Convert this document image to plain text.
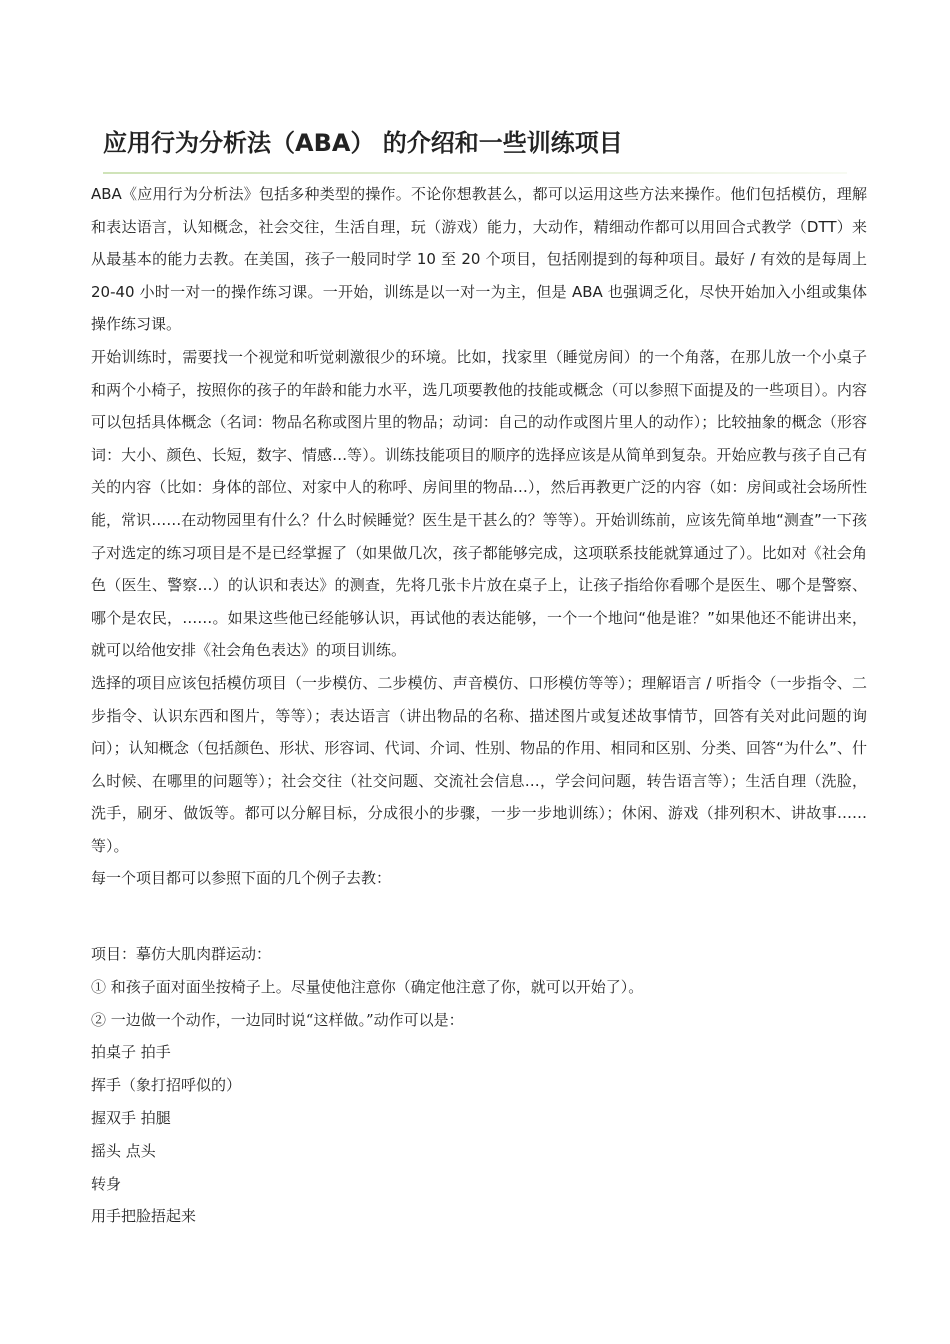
应用行为分析法（ABA） 的介绍和一些训练项目

ABA《应用行为分析法》包括多种类型的操作。不论你想教甚么，都可以运用这些方法来操作。他们包括模仿，理解和表达语言，认知概念，社会交往，生活自理，玩（游戏）能力，大动作，精细动作都可以用回合式教学（DTT）来从最基本的能力去教。在美国，孩子一般同时学 10 至 20 个项目，包括刚提到的每种项目。最好 / 有效的是每周上 20-40 小时一对一的操作练习课。一开始，训练是以一对一为主，但是 ABA 也强调乏化，尽快开始加入小组或集体操作练习课。

开始训练时，需要找一个视觉和听觉刺激很少的环境。比如，找家里（睡觉房间）的一个角落，在那儿放一个小桌子和两个小椅子，按照你的孩子的年龄和能力水平，选几项要教他的技能或概念（可以参照下面提及的一些项目）。内容可以包括具体概念（名词：物品名称或图片里的物品；动词：自己的动作或图片里人的动作）；比较抽象的概念（形容词：大小、颜色、长短，数字、情感…等）。训练技能项目的顺序的选择应该是从简单到复杂。开始应教与孩子自己有关的内容（比如：身体的部位、对家中人的称呼、房间里的物品…），然后再教更广泛的内容（如：房间或社会场所性能，常识……在动物园里有什么？什么时候睡觉？医生是干甚么的？等等）。开始训练前，应该先简单地“测查”一下孩子对选定的练习项目是不是已经掌握了（如果做几次，孩子都能够完成，这项联系技能就算通过了）。比如对《社会角色（医生、警察…）的认识和表达》的测查，先将几张卡片放在桌子上，让孩子指给你看哪个是医生、哪个是警察、哪个是农民，……。如果这些他已经能够认识，再试他的表达能够，一个一个地问“他是谁？”如果他还不能讲出来，就可以给他安排《社会角色表达》的项目训练。

选择的项目应该包括模仿项目（一步模仿、二步模仿、声音模仿、口形模仿等等）；理解语言 / 听指令（一步指令、二步指令、认识东西和图片，等等）；表达语言（讲出物品的名称、描述图片或复述故事情节，回答有关对此问题的询问）；认知概念（包括颜色、形状、形容词、代词、介词、性别、物品的作用、相同和区别、分类、回答“为什么”、什么时候、在哪里的问题等）；社会交往（社交问题、交流社会信息…，学会问问题，转告语言等）；生活自理（洗脸，洗手，刷牙、做饭等。都可以分解目标，分成很小的步骤，一步一步地训练）；休闲、游戏（排列积木、讲故事……等）。

每一个项目都可以参照下面的几个例子去教：

项目：摹仿大肌肉群运动：

① 和孩子面对面坐按椅子上。尽量使他注意你（确定他注意了你，就可以开始了）。

② 一边做一个动作，一边同时说“这样做。”动作可以是：

拍桌子 拍手

挥手（象打招呼似的）

握双手 拍腿

摇头 点头

转身

用手把脸捂起来
